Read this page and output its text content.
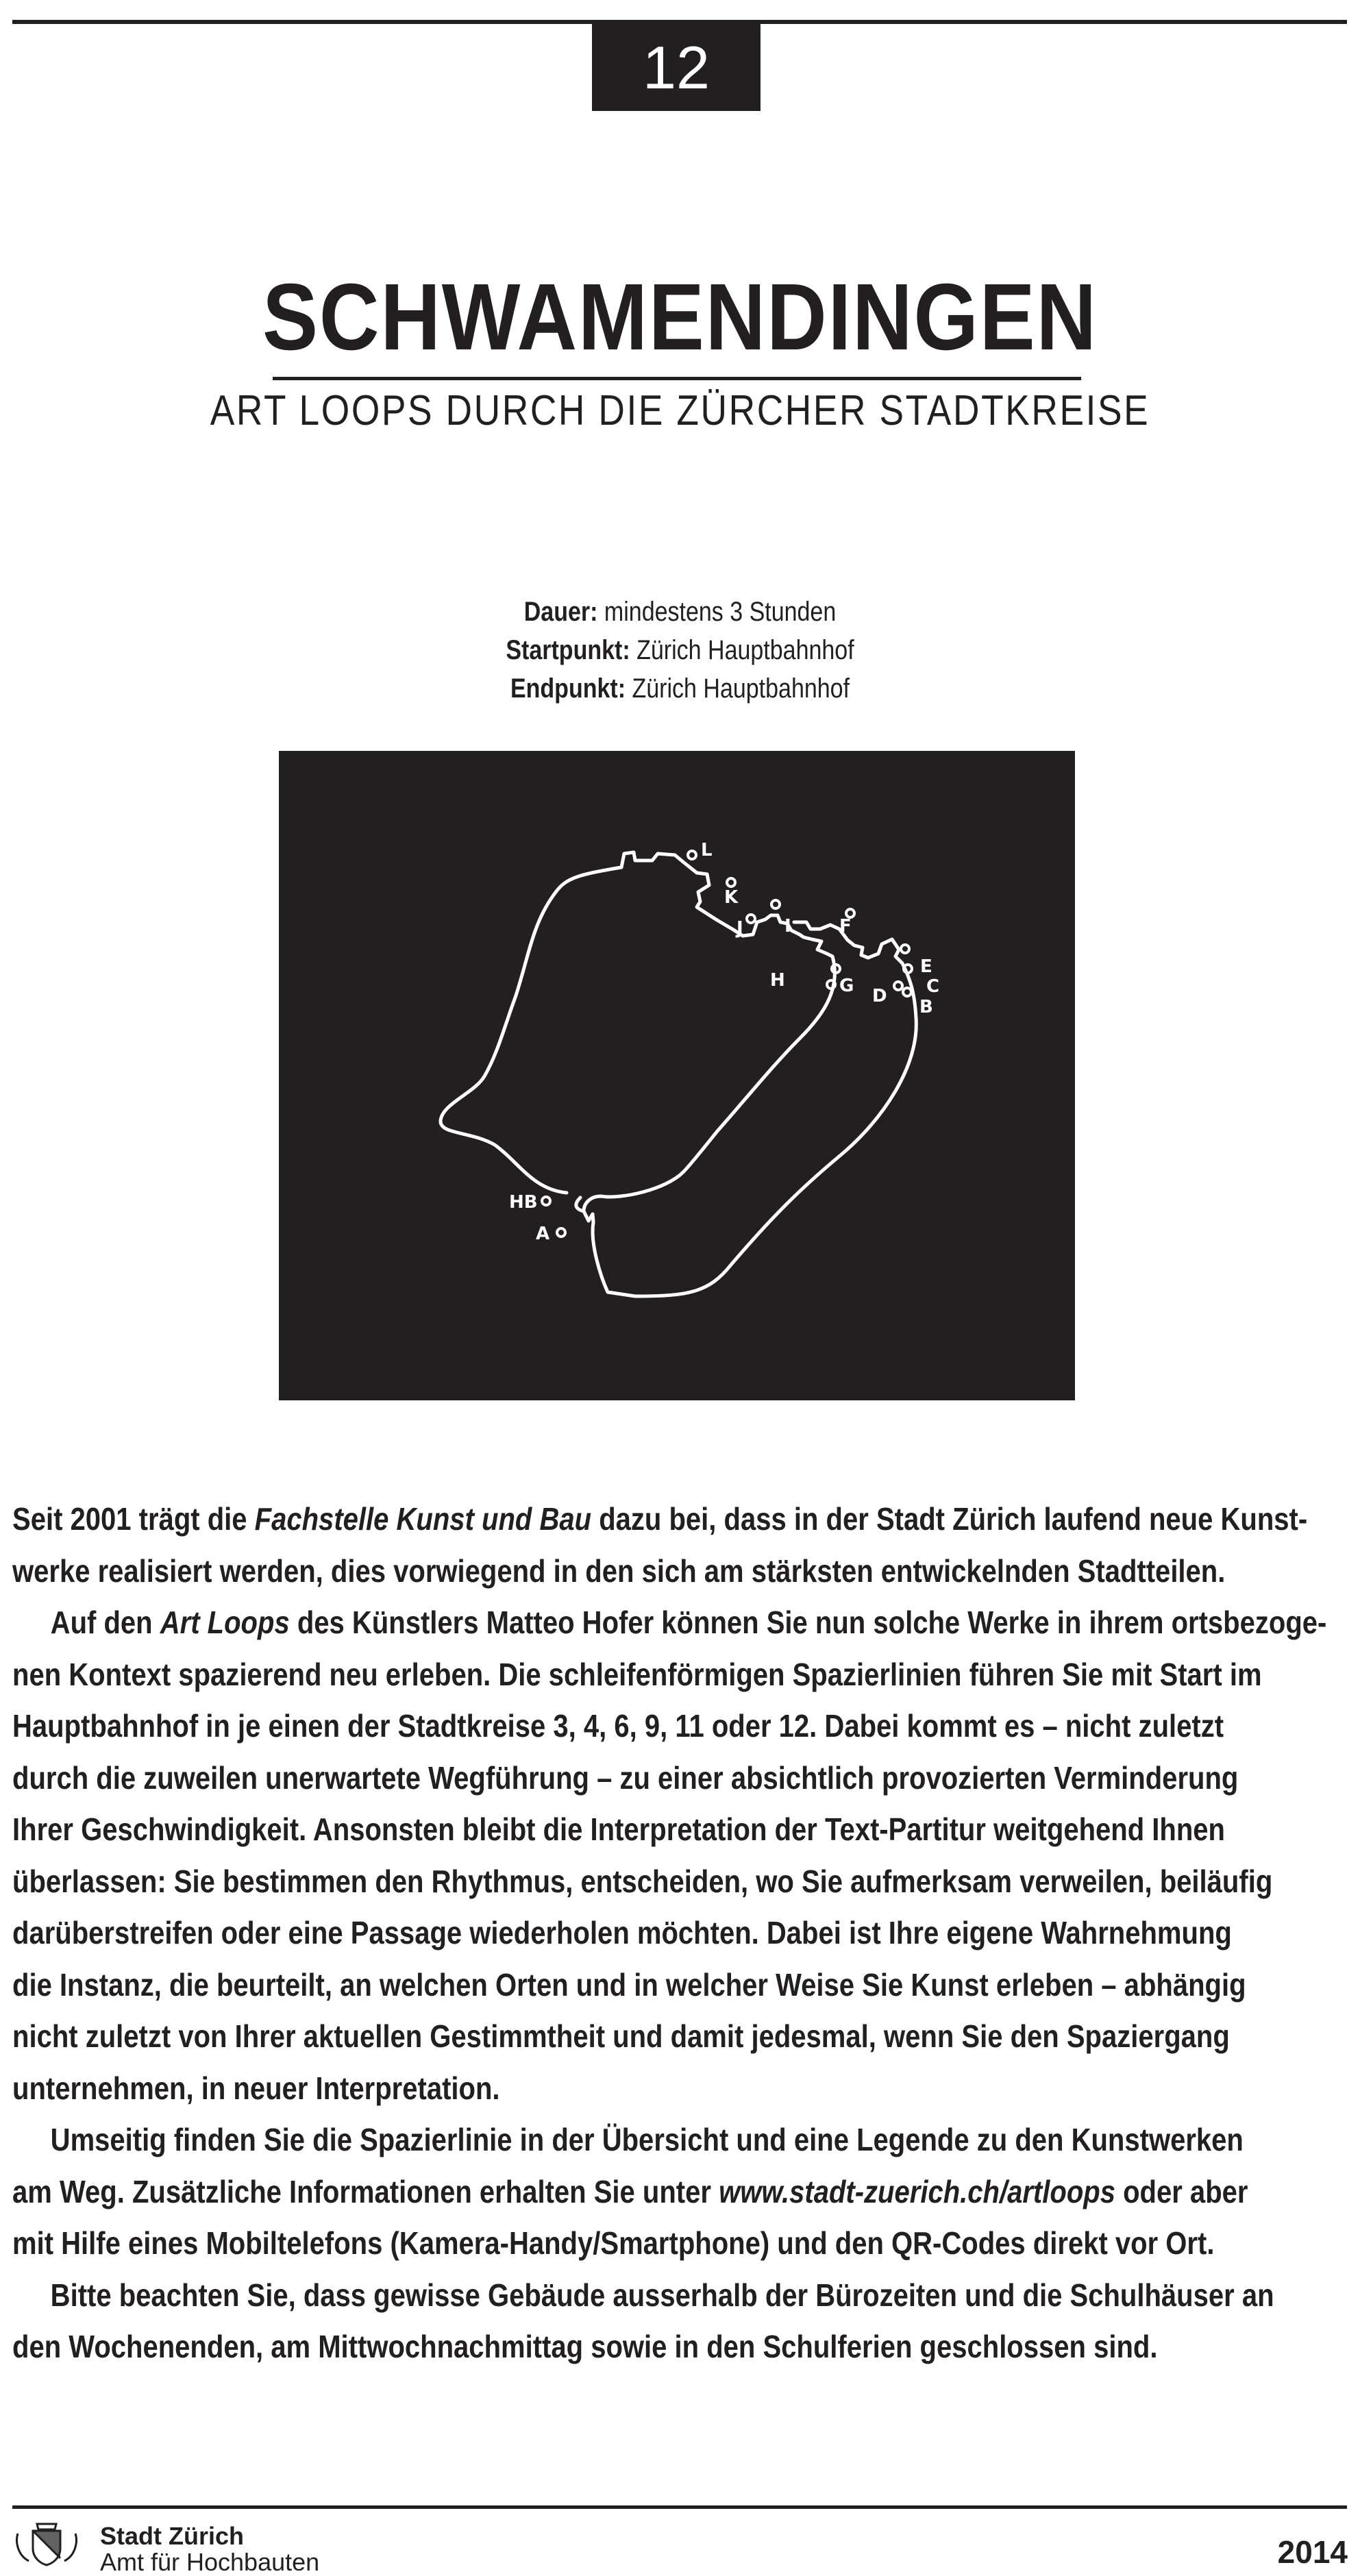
12
SCHWAMENDINGEN
ART LOOPS DURCH DIE ZÜRCHER STADTKREISE
Dauer: mindestens 3 Stunden
Startpunkt: Zürich Hauptbahnhof
Endpunkt: Zürich Hauptbahnhof
L
K
I
J	F
E
C
H	G D
B
HB
A

Seit 2001 trägt die Fachstelle Kunst und Bau dazu bei, dass in der Stadt Zürich laufend neue Kunst-
werke realisiert werden, dies vorwiegend in den sich am stärksten entwickelnden Stadtteilen.

Auf den Art Loops des Künstlers Matteo Hofer können Sie nun solche Werke in ihrem ortsbezoge-
nen Kontext spazierend neu erleben. Die schleifenförmigen Spazierlinien führen Sie mit Start im
Hauptbahnhof in je einen der Stadtkreise 3, 4, 6, 9, 11 oder 12. Dabei kommt es – nicht zuletzt
durch die zuweilen unerwartete Wegführung – zu einer absichtlich provozierten Verminderung
Ihrer Geschwindigkeit. Ansonsten bleibt die Interpretation der Text-Partitur weitgehend Ihnen
überlassen: Sie bestimmen den Rhythmus, entscheiden, wo Sie aufmerksam verweilen, beiläufig
darüberstreifen oder eine Passage wiederholen möchten. Dabei ist Ihre eigene Wahrnehmung
die Instanz, die beurteilt, an welchen Orten und in welcher Weise Sie Kunst erleben – abhängig
nicht zuletzt von Ihrer aktuellen Gestimmtheit und damit jedesmal, wenn Sie den Spaziergang
unternehmen, in neuer Interpretation.

Umseitig finden Sie die Spazierlinie in der Übersicht und eine Legende zu den Kunstwerken
am Weg. Zusätzliche Informationen erhalten Sie unter www.stadt-zuerich.ch/artloops oder aber
mit Hilfe eines Mobiltelefons (Kamera-Handy/Smartphone) und den QR-Codes direkt vor Ort.

Bitte beachten Sie, dass gewisse Gebäude ausserhalb der Bürozeiten und die Schulhäuser an
den Wochenenden, am Mittwochnachmittag sowie in den Schulferien geschlossen sind.

Stadt Zürich
Amt für Hochbauten	2014
